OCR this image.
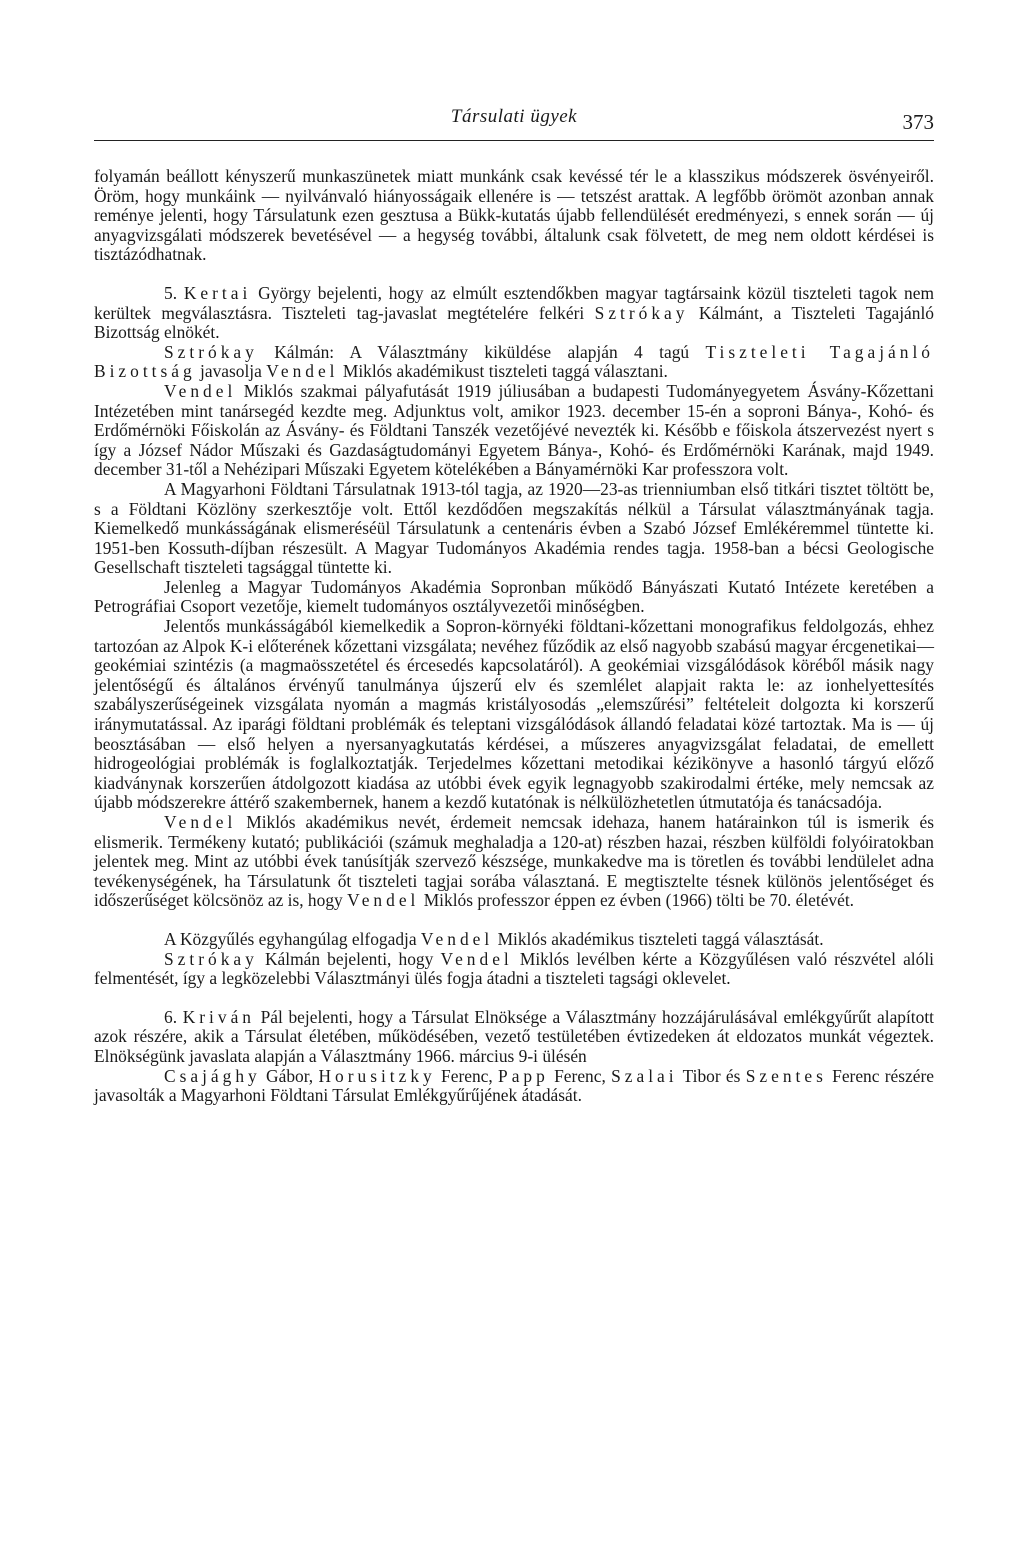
Társulati ügyek	373

folyamán beállott kényszerű munkaszünetek miatt munkánk csak kevéssé tér le a klasszikus módszerek ösvényeiről. Öröm, hogy munkáink — nyilvánvaló hiányosságaik ellenére is — tetszést arattak. A legfőbb örömöt azonban annak reménye jelenti, hogy Társulatunk ezen gesztusa a Bükk-kutatás újabb fellendülését eredményezi, s ennek során — új anyagvizsgálati módszerek bevetésével — a hegység további, általunk csak fölvetett, de meg nem oldott kérdései is tisztázódhatnak.

5. Kertai György bejelenti, hogy az elmúlt esztendőkben magyar tagtársaink közül tiszteleti tagok nem kerültek megválasztásra. Tiszteleti tag-javaslat megtételére felkéri Sztrókay Kálmánt, a Tiszteleti Tagajánló Bizottság elnökét.

Sztrókay Kálmán: A Választmány kiküldése alapján 4 tagú Tiszteleti Tagajánló Bizottság javasolja Vendel Miklós akadémikust tiszteleti taggá választani.

Vendel Miklós szakmai pályafutását 1919 júliusában a budapesti Tudományegyetem Ásvány-Kőzettani Intézetében mint tanársegéd kezdte meg. Adjunktus volt, amikor 1923. december 15-én a soproni Bánya-, Kohó- és Erdőmérnöki Főiskolán az Ásvány- és Földtani Tanszék vezetőjévé nevezték ki. Később e főiskola átszervezést nyert s így a József Nádor Műszaki és Gazdaságtudományi Egyetem Bánya-, Kohó- és Erdőmérnöki Karának, majd 1949. december 31-től a Nehézipari Műszaki Egyetem kötelékében a Bányamérnöki Kar professzora volt.

A Magyarhoni Földtani Társulatnak 1913-tól tagja, az 1920—23-as trienniumban első titkári tisztet töltött be, s a Földtani Közlöny szerkesztője volt. Ettől kezdődően megszakítás nélkül a Társulat választmányának tagja. Kiemelkedő munkásságának elismeréséül Társulatunk a centenáris évben a Szabó József Emlékéremmel tüntette ki. 1951-ben Kossuth-díjban részesült. A Magyar Tudományos Akadémia rendes tagja. 1958-ban a bécsi Geologische Gesellschaft tiszteleti tagsággal tüntette ki.

Jelenleg a Magyar Tudományos Akadémia Sopronban működő Bányászati Kutató Intézete keretében a Petrográfiai Csoport vezetője, kiemelt tudományos osztályvezetői minőségben.

Jelentős munkásságából kiemelkedik a Sopron-környéki földtani-kőzettani monografikus feldolgozás, ehhez tartozóan az Alpok K-i előterének kőzettani vizsgálata; nevéhez fűződik az első nagyobb szabású magyar ércgenetikai—geokémiai szintézis (a magmaösszetétel és ércesedés kapcsolatáról). A geokémiai vizsgálódások köréből másik nagy jelentőségű és általános érvényű tanulmánya újszerű elv és szemlélet alapjait rakta le: az ionhelyettesítés szabályszerűségeinek vizsgálata nyomán a magmás kristályosodás „elemszűrési” feltételeit dolgozta ki korszerű iránymutatással. Az iparági földtani problémák és teleptani vizsgálódások állandó feladatai közé tartoztak. Ma is — új beosztásában — első helyen a nyersanyagkutatás kérdései, a műszeres anyagvizsgálat feladatai, de emellett hidrogeológiai problémák is foglalkoztatják. Terjedelmes kőzettani metodikai kézikönyve a hasonló tárgyú előző kiadványnak korszerűen átdolgozott kiadása az utóbbi évek egyik legnagyobb szakirodalmi értéke, mely nemcsak az újabb módszerekre áttérő szakembernek, hanem a kezdő kutatónak is nélkülözhetetlen útmutatója és tanácsadója.

Vendel Miklós akadémikus nevét, érdemeit nemcsak idehaza, hanem határainkon túl is ismerik és elismerik. Termékeny kutató; publikációi (számuk meghaladja a 120-at) részben hazai, részben külföldi folyóiratokban jelentek meg. Mint az utóbbi évek tanúsítják szervező készsége, munkakedve ma is töretlen és további lendülelet adna tevékenységének, ha Társulatunk őt tiszteleti tagjai sorába választaná. E megtisztelte tésnek különös jelentőséget és időszerűséget kölcsönöz az is, hogy Vendel Miklós professzor éppen ez évben (1966) tölti be 70. életévét.

A Közgyűlés egyhangúlag elfogadja Vendel Miklós akadémikus tiszteleti taggá választását.

Sztrókay Kálmán bejelenti, hogy Vendel Miklós levélben kérte a Közgyűlésen való részvétel alóli felmentését, így a legközelebbi Választmányi ülés fogja átadni a tiszteleti tagsági oklevelet.

6. Kriván Pál bejelenti, hogy a Társulat Elnöksége a Választmány hozzájárulásával emlékgyűrűt alapított azok részére, akik a Társulat életében, működésében, vezető testületében évtizedeken át eldozatos munkát végeztek. Elnökségünk javaslata alapján a Választmány 1966. március 9-i ülésén

Csajághy Gábor, Horusitzky Ferenc, Papp Ferenc, Szalai Tibor és Szentes Ferenc részére javasolták a Magyarhoni Földtani Társulat Emlékgyűrűjének átadását.
